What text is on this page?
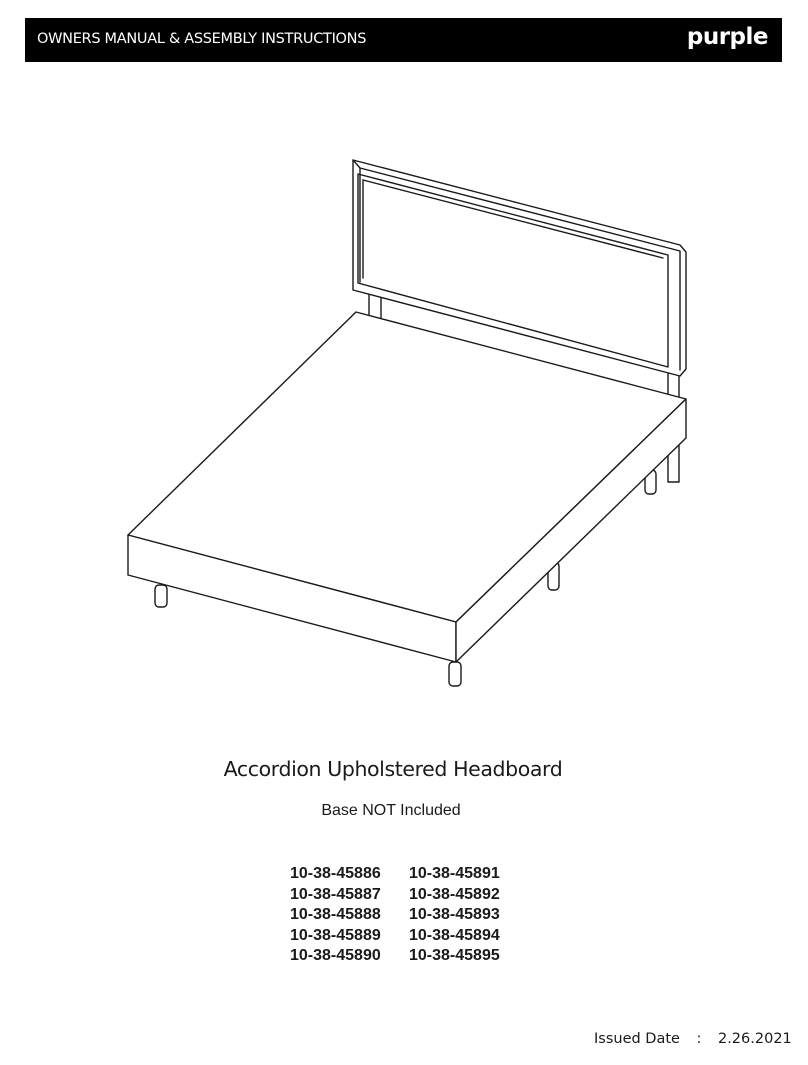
OWNERS MANUAL & ASSEMBLY INSTRUCTIONS	purple
Accordion Upholstered Headboard
Base NOT Included
10-38-45886	10-38-45891
10-38-45887	10-38-45892
10-38-45888	10-38-45893
10-38-45889	10-38-45894
10-38-45890	10-38-45895
Issued Date : 2.26.2021
